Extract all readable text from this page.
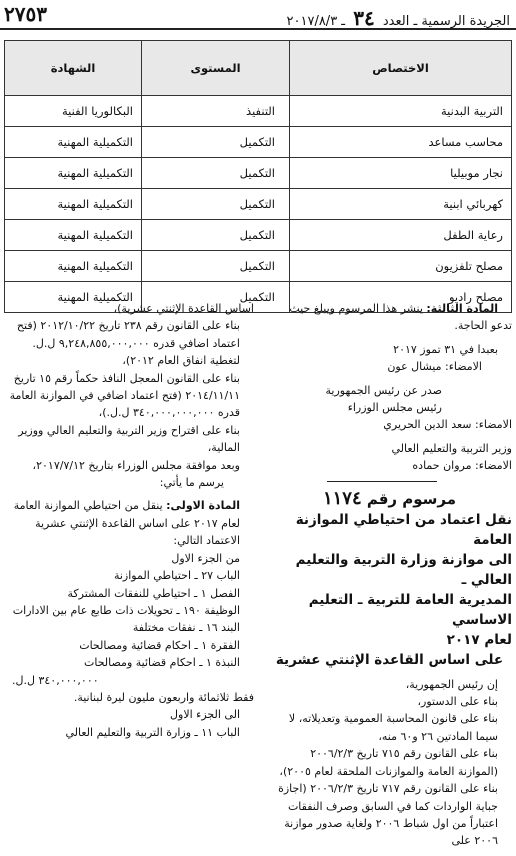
٢٧٥٣	الجريدة الرسمية ـ العدد ٣٤ ـ ٢٠١٧/٨/٣
الاختصاص	المستوى	الشهادة
التربية البدنية	التنفيذ	البكالوريا الفنية
محاسب مساعد	التكميل	التكميلية المهنية
نجار موبيليا	التكميل	التكميلية المهنية
كهربائي ابنية	التكميل	التكميلية المهنية
رعاية الطفل	التكميل	التكميلية المهنية
مصلح تلفزيون	التكميل	التكميلية المهنية
مصلح راديو	التكميل	التكميلية المهنية

المادة الثالثة: ينشر هذا المرسوم ويبلغ حيث

تدعو الحاجة.

بعبدا في ٣١ تموز ٢٠١٧

الامضاء: ميشال عون

صدر عن رئيس الجمهورية

رئيس مجلس الوزراء

الامضاء: سعد الدين الحريري

وزير التربية والتعليم العالي

الامضاء: مروان حماده

مرسوم رقم ١١٧٤

نقل اعتماد من احتياطي الموازنة العامة

الى موازنة وزارة التربية والتعليم العالي ـ

المديرية العامة للتربية ـ التعليم الاساسي

لعام ٢٠١٧

على اساس القاعدة الإثنتي عشرية

إن رئيس الجمهورية،

بناء على الدستور،

بناء على قانون المحاسبة العمومية وتعديلاته، لا سيما المادتين ٢٦ و٦٠ منه،

بناء على القانون رقم ٧١٥ تاريخ ٢٠٠٦/٢/٣ (الموازنة العامة والموازنات الملحقة لعام ٢٠٠٥)،

بناء على القانون رقم ٧١٧ تاريخ ٢٠٠٦/٢/٣ (اجازة جباية الواردات كما في السابق وصرف النفقات اعتباراً من اول شباط ٢٠٠٦ ولغاية صدور موازنة ٢٠٠٦ على

اساس القاعدة الإثنتي عشرية)،

بناء على القانون رقم ٢٣٨ تاريخ ٢٠١٢/١٠/٢٢ (فتح اعتماد اضافي قدره ٩,٢٤٨,٨٥٥,٠٠٠,٠٠٠ ل.ل. لتغطية انفاق العام ٢٠١٢)،

بناء على القانون المعجل النافذ حكماً رقم ١٥ تاريخ ٢٠١٤/١١/١١ (فتح اعتماد اضافي في الموازنة العامة قدره ٣٤٠,٠٠٠,٠٠٠,٠٠٠ ل.ل.)،

بناء على اقتراح وزير التربية والتعليم العالي ووزير المالية،

وبعد موافقة مجلس الوزراء بتاريخ ٢٠١٧/٧/١٢،

يرسم ما يأتي:

المادة الاولى: ينقل من احتياطي الموازنة العامة لعام ٢٠١٧ على اساس القاعدة الإثنتي عشرية الاعتماد التالي:

من الجزء الاول

الباب ٢٧ ـ احتياطي الموازنة

الفصل ١ ـ احتياطي للنفقات المشتركة

الوظيفة ١٩٠ ـ تحويلات ذات طابع عام بين الادارات

البند ١٦ ـ نفقات مختلفة

الفقرة ١ ـ احكام قضائية ومصالحات

النبذة ١ ـ احكام قضائية ومصالحات

٣٤٠,٠٠٠,٠٠٠ ل.ل.

فقط ثلاثمائة واربعون مليون ليرة لبنانية.

الى الجزء الاول

الباب ١١ ـ وزارة التربية والتعليم العالي
